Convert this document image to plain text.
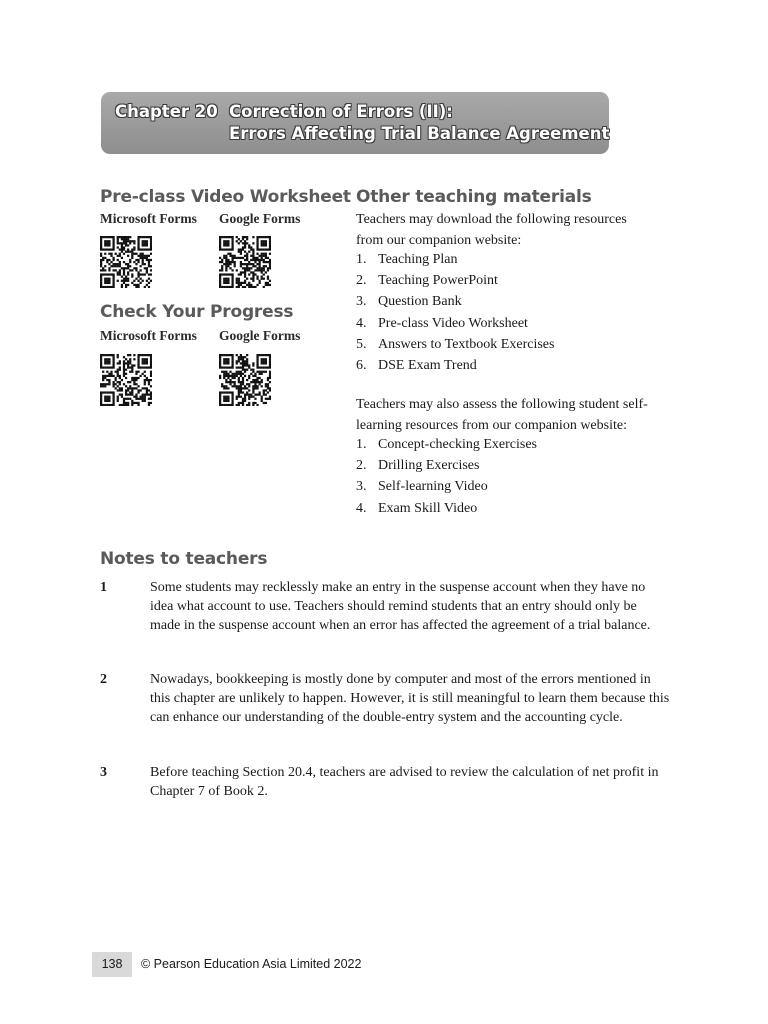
Chapter 20 Correction of Errors (II):
Errors Affecting Trial Balance Agreement
Pre-class Video Worksheet
Microsoft Forms Google Forms
Check Your Progress
Microsoft Forms Google Forms
Other teaching materials
Teachers may download the following resources from our companion website:
1. Teaching Plan
2. Teaching PowerPoint
3. Question Bank
4. Pre-class Video Worksheet
5. Answers to Textbook Exercises
6. DSE Exam Trend
Teachers may also assess the following student self-learning resources from our companion website:
1. Concept-checking Exercises
2. Drilling Exercises
3. Self-learning Video
4. Exam Skill Video
Notes to teachers
1	Some students may recklessly make an entry in the suspense account when they have no idea what account to use. Teachers should remind students that an entry should only be made in the suspense account when an error has affected the agreement of a trial balance.
2	Nowadays, bookkeeping is mostly done by computer and most of the errors mentioned in this chapter are unlikely to happen. However, it is still meaningful to learn them because this can enhance our understanding of the double-entry system and the accounting cycle.
3	Before teaching Section 20.4, teachers are advised to review the calculation of net profit in Chapter 7 of Book 2.
138	© Pearson Education Asia Limited 2022
